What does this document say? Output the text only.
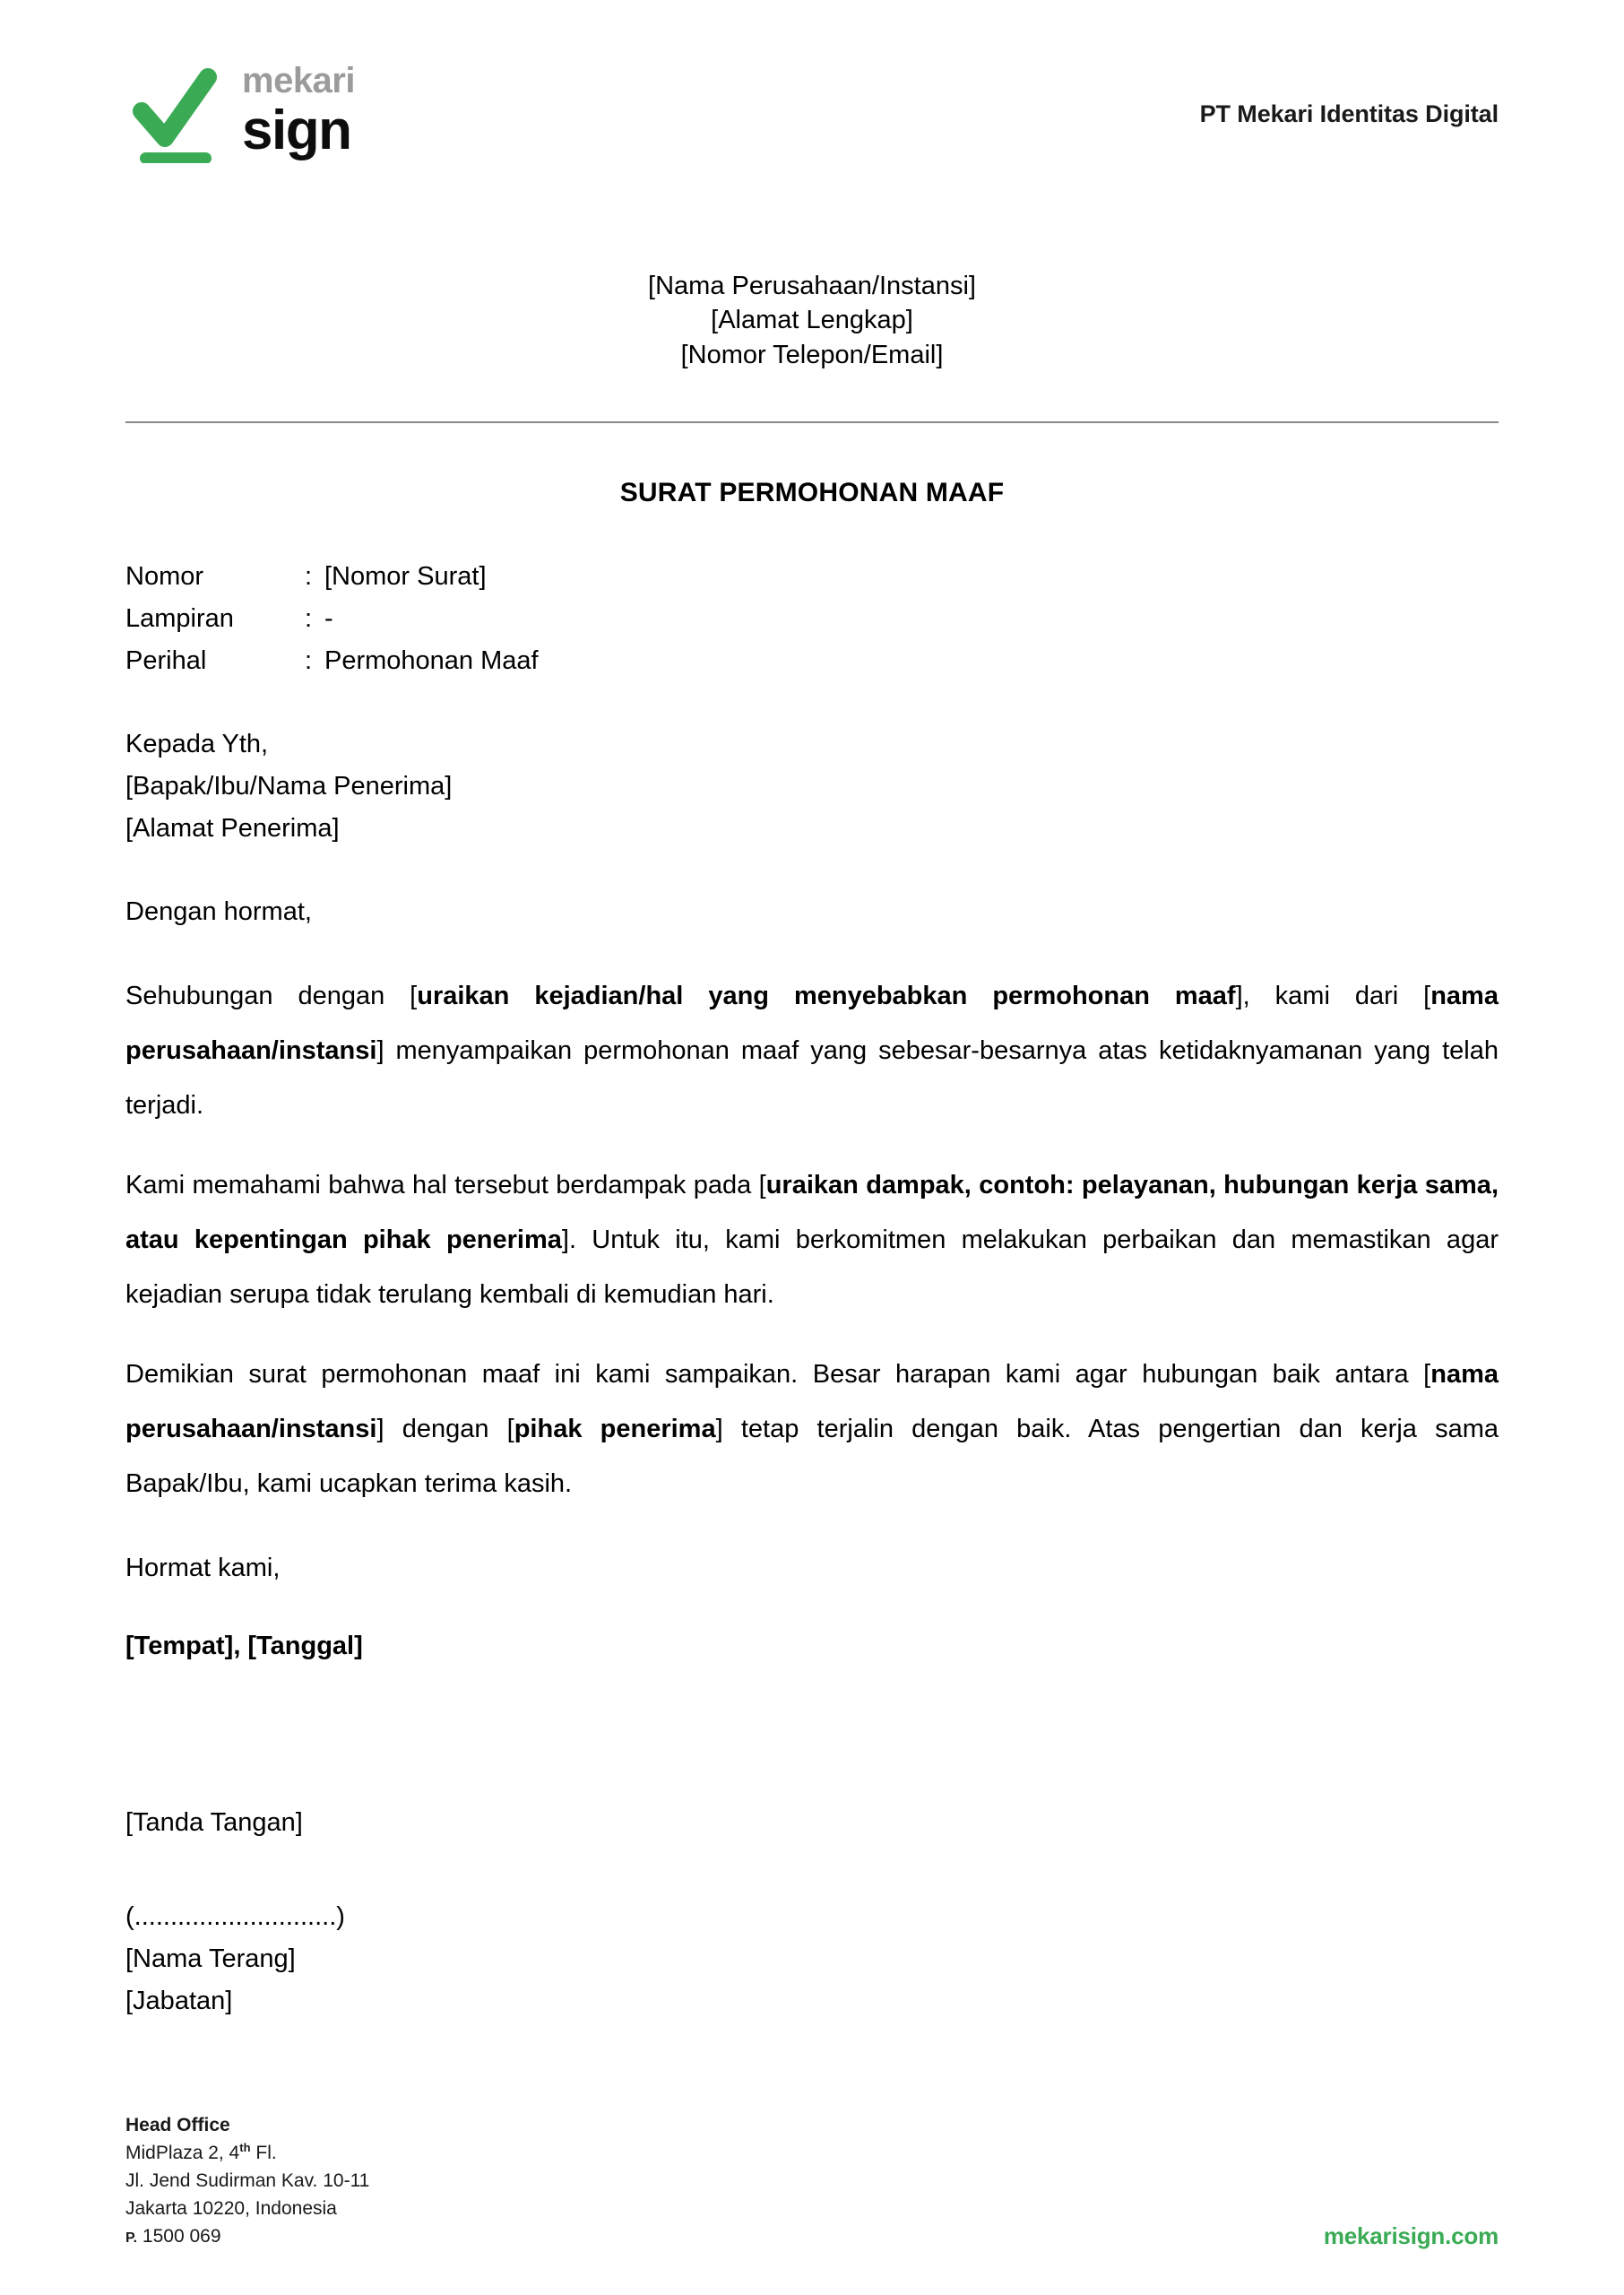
mekari
sign	PT Mekari Identitas Digital
[Nama Perusahaan/Instansi]
[Alamat Lengkap]
[Nomor Telepon/Email]
SURAT PERMOHONAN MAAF
Nomor	: [Nomor Surat]
Lampiran	: -
Perihal	: Permohonan Maaf
Kepada Yth,
[Bapak/Ibu/Nama Penerima]
[Alamat Penerima]
Dengan hormat,

Sehubungan dengan [uraikan kejadian/hal yang menyebabkan permohonan maaf], kami dari [nama perusahaan/instansi] menyampaikan permohonan maaf yang sebesar-besarnya atas ketidaknyamanan yang telah terjadi.

Kami memahami bahwa hal tersebut berdampak pada [uraikan dampak, contoh: pelayanan, hubungan kerja sama, atau kepentingan pihak penerima]. Untuk itu, kami berkomitmen melakukan perbaikan dan memastikan agar kejadian serupa tidak terulang kembali di kemudian hari.

Demikian surat permohonan maaf ini kami sampaikan. Besar harapan kami agar hubungan baik antara [nama perusahaan/instansi] dengan [pihak penerima] tetap terjalin dengan baik. Atas pengertian dan kerja sama Bapak/Ibu, kami ucapkan terima kasih.

Hormat kami,
[Tempat], [Tanggal]
[Tanda Tangan]
(............................)
[Nama Terang]
[Jabatan]
Head Office
MidPlaza 2, 4th Fl.
Jl. Jend Sudirman Kav. 10-11
Jakarta 10220, Indonesia
P. 1500 069	mekarisign.com
